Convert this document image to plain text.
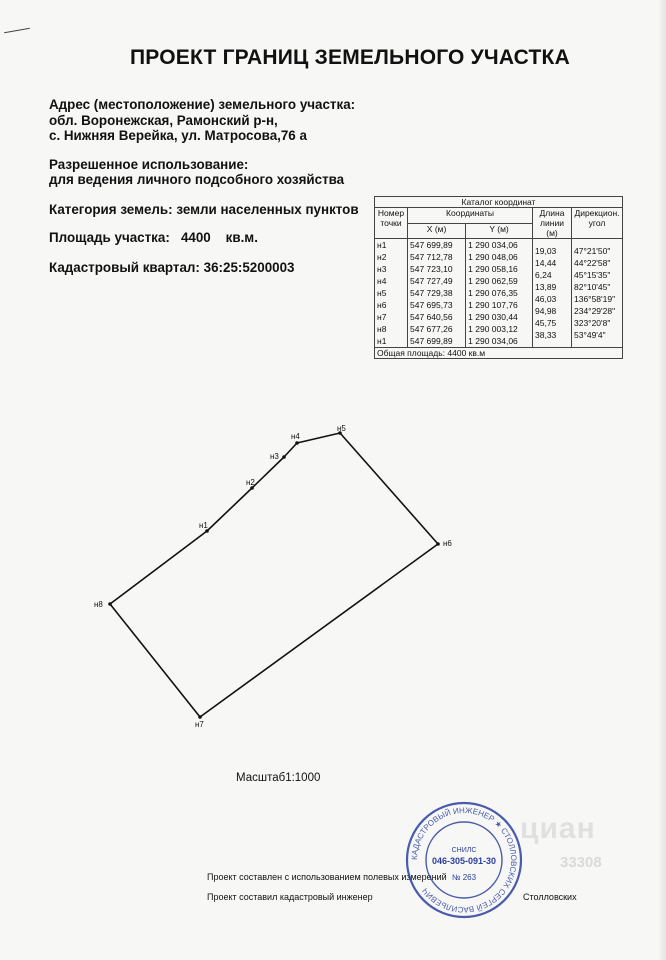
ПРОЕКТ ГРАНИЦ ЗЕМЕЛЬНОГО УЧАСТКА
Адрес (местоположение) земельного участка:
обл. Воронежская, Рамонский р-н,
с. Нижняя Верейка, ул. Матросова,76 а
Разрешенное использование:
для ведения личного подсобного хозяйства
Категория земель: земли населенных пунктов
Площадь участка: 4400 кв.м.
Кадастровый квартал: 36:25:5200003
Каталог координат				
Номер точки	Координаты		Длина линии (м)	Дирекцион. угол
	X (м)	Y (м)		
н1	547 699,89	1 290 034,06	19,03	47°21'50"

н2	547 712,78	1 290 048,06	14,44	44°22'58"

н3	547 723,10	1 290 058,16	6,24	45°15'35"

н4	547 727,49	1 290 062,59	13,89	82°10'45"

н5	547 729,38	1 290 076,35	46,03	136°58'19"

н6	547 695,73	1 290 107,76	94,98	234°29'28"

н7	547 640,56	1 290 030,44	45,75	323°20'8"

н8	547 677,26	1 290 003,12	38,33	53°49'4"

н1	547 699,89	1 290 034,06		
Общая площадь: 4400 кв.м				
н1
н2
н3
н4
н5
н6
н7
н8
Масштаб1:1000
Проект составлен с использованием полевых измерений
Проект составил кадастровый инженер	Столловских
циан
33308
КАДАСТРОВЫЙ ИНЖЕНЕР ★ СТОЛЛОВСКИХ СЕРГЕЙ ВАСИЛЬЕВИЧ
СНИЛС
046-305-091-30
№ 263
